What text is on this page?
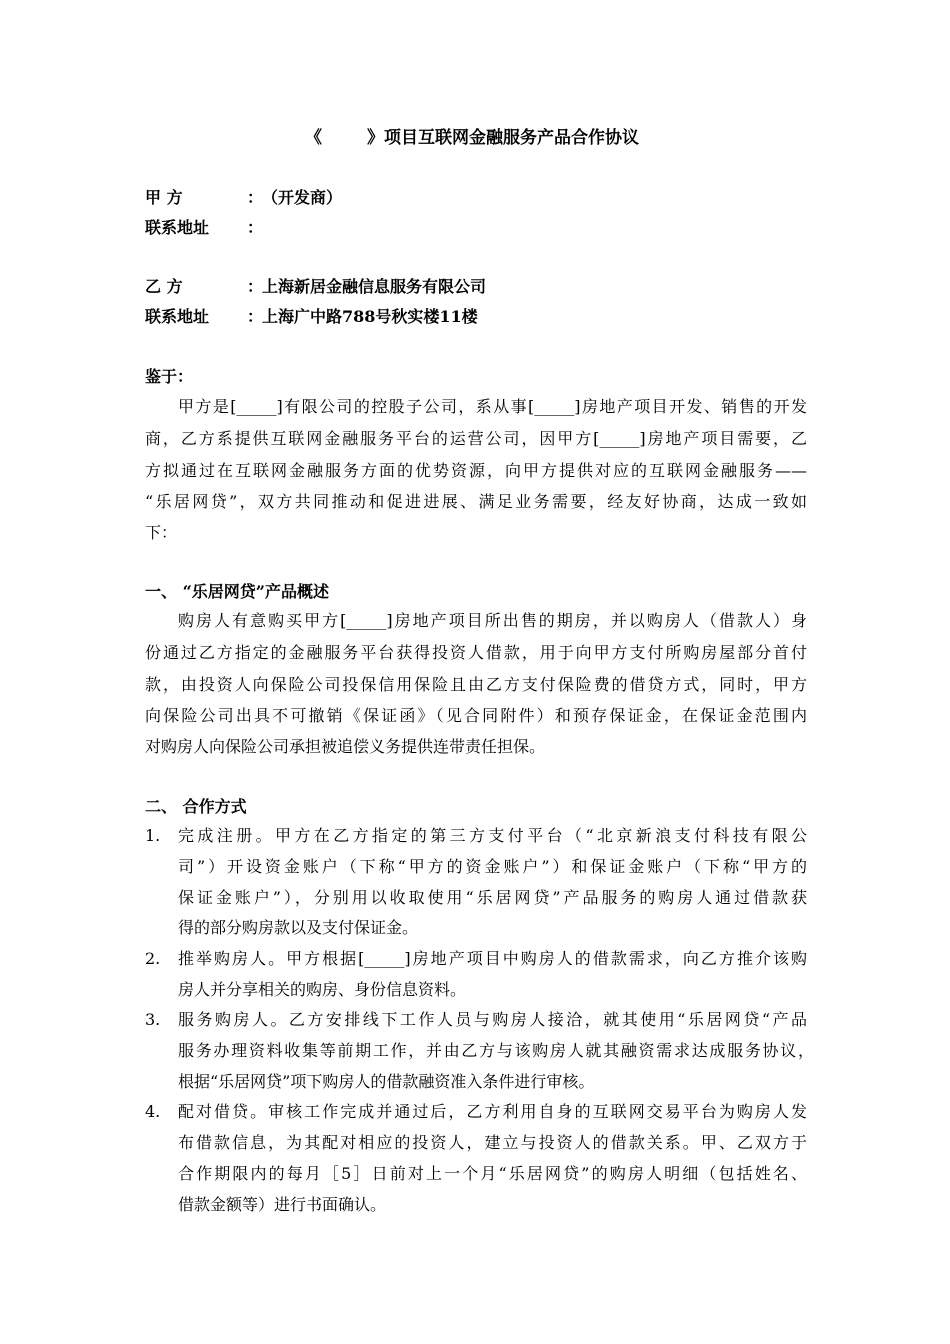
《	》项目互联网金融服务产品合作协议
甲 方	：
（开发商）
联系地址 ：
乙 方	：
上海新居金融信息服务有限公司
联系地址 ：
上海广中路788号秋实楼11楼
鉴于：
甲方是[_____]有限公司的控股子公司，系从事[_____]房地产项目开发、销售的开发
商，乙方系提供互联网金融服务平台的运营公司，因甲方[_____]房地产项目需要，乙
方拟通过在互联网金融服务方面的优势资源，向甲方提供对应的互联网金融服务——
“乐居网贷”，双方共同推动和促进进展、满足业务需要，经友好协商，达成一致如
下：
一、 “乐居网贷”产品概述
购房人有意购买甲方[_____]房地产项目所出售的期房，并以购房人（借款人）身
份通过乙方指定的金融服务平台获得投资人借款，用于向甲方支付所购房屋部分首付
款，由投资人向保险公司投保信用保险且由乙方支付保险费的借贷方式，同时，甲方
向保险公司出具不可撤销《保证函》（见合同附件）和预存保证金，在保证金范围内
对购房人向保险公司承担被追偿义务提供连带责任担保。
二、 合作方式
1. 完成注册。甲方在乙方指定的第三方支付平台（“北京新浪支付科技有限公
司”）开设资金账户（下称“甲方的资金账户”）和保证金账户（下称“甲方的
保证金账户”），分别用以收取使用“乐居网贷”产品服务的购房人通过借款获
得的部分购房款以及支付保证金。
2. 推举购房人。甲方根据[_____]房地产项目中购房人的借款需求，向乙方推介该购
房人并分享相关的购房、身份信息资料。
3. 服务购房人。乙方安排线下工作人员与购房人接洽，就其使用“乐居网贷“产品
服务办理资料收集等前期工作，并由乙方与该购房人就其融资需求达成服务协议，
根据“乐居网贷”项下购房人的借款融资准入条件进行审核。
4. 配对借贷。审核工作完成并通过后，乙方利用自身的互联网交易平台为购房人发
布借款信息，为其配对相应的投资人，建立与投资人的借款关系。甲、乙双方于
合作期限内的每月［5］日前对上一个月“乐居网贷”的购房人明细（包括姓名、
借款金额等）进行书面确认。
